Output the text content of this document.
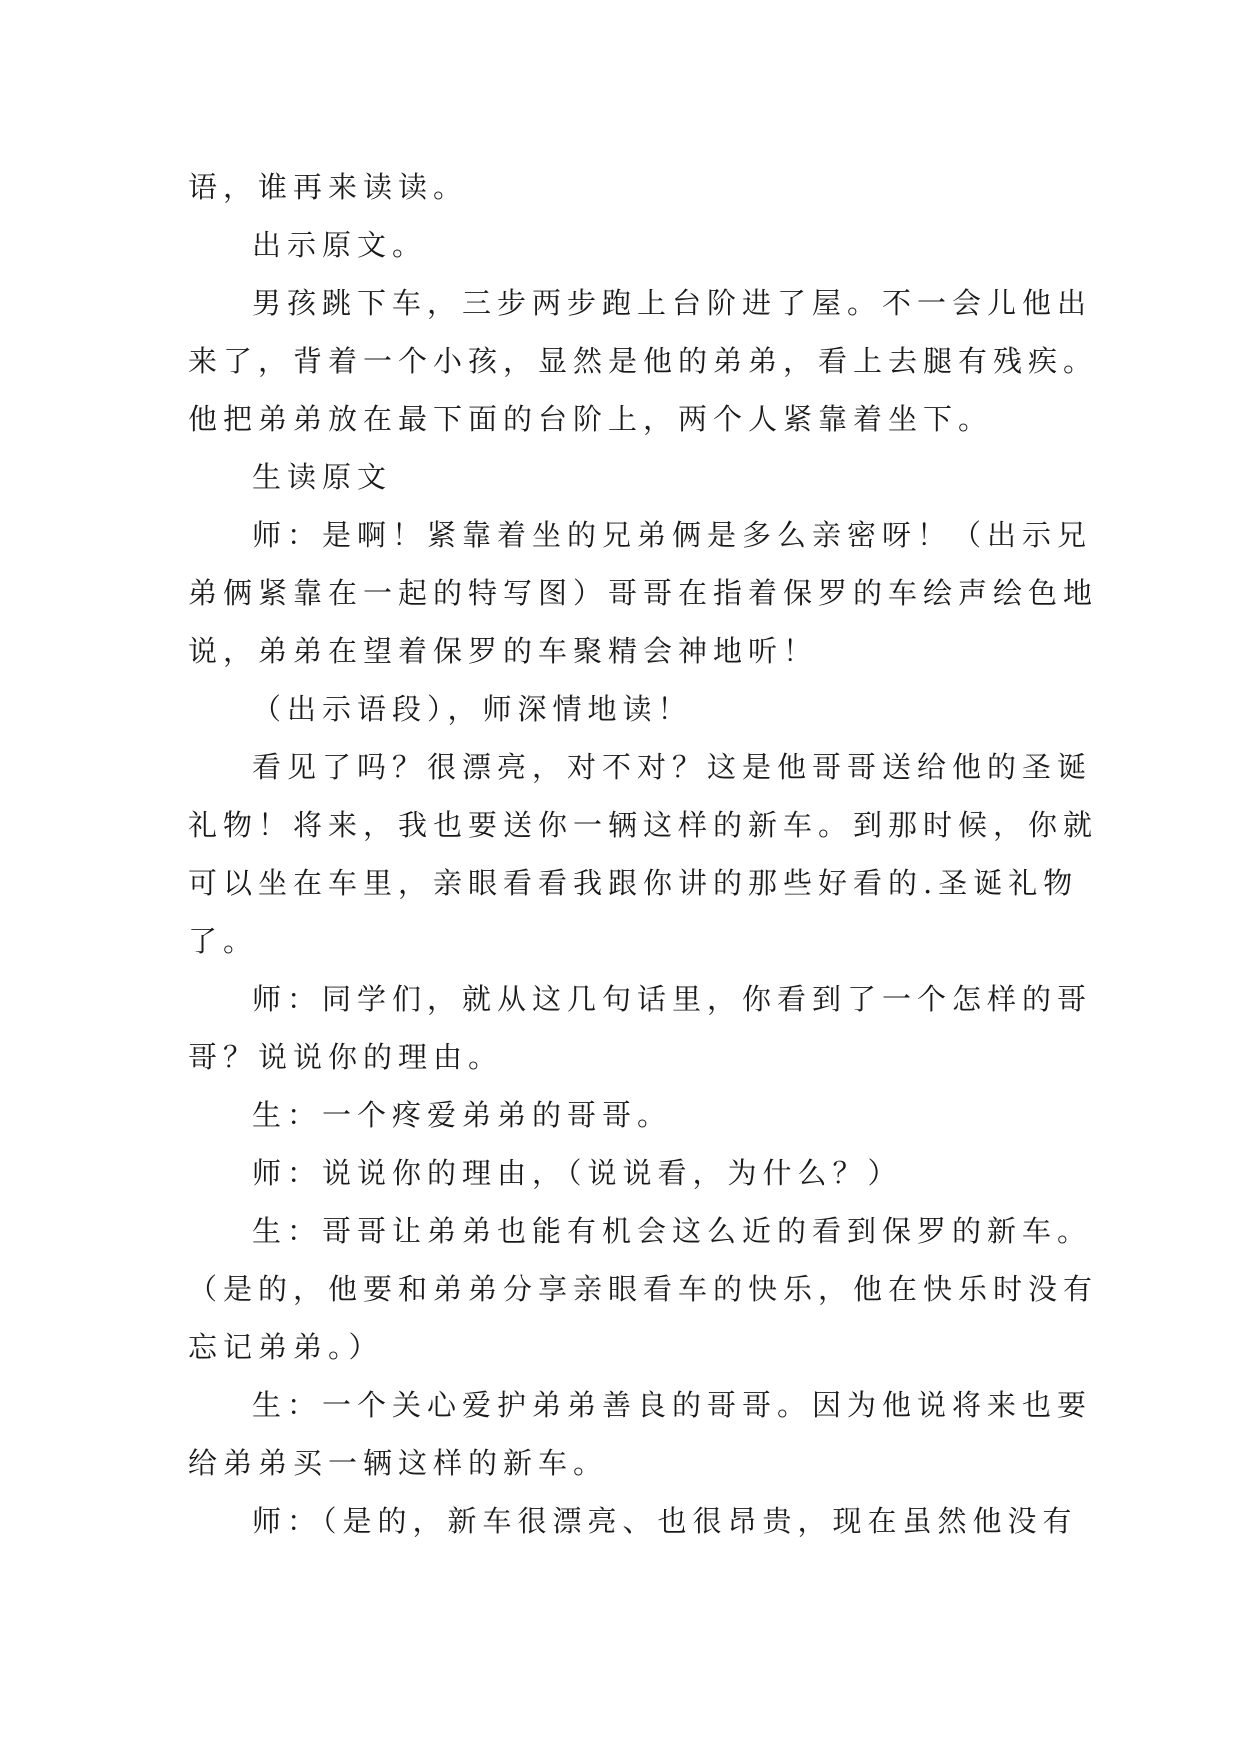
语，谁再来读读。

出示原文。

男孩跳下车，三步两步跑上台阶进了屋。不一会儿他出
来了，背着一个小孩，显然是他的弟弟，看上去腿有残疾。
他把弟弟放在最下面的台阶上，两个人紧靠着坐下。

生读原文

师：是啊！紧靠着坐的兄弟俩是多么亲密呀！（出示兄
弟俩紧靠在一起的特写图）哥哥在指着保罗的车绘声绘色地
说，弟弟在望着保罗的车聚精会神地听！

（出示语段），师深情地读！

看见了吗？很漂亮，对不对？这是他哥哥送给他的圣诞
礼物！将来，我也要送你一辆这样的新车。到那时候，你就
可以坐在车里，亲眼看看我跟你讲的那些好看的.圣诞礼物
了。

师：同学们，就从这几句话里，你看到了一个怎样的哥
哥？说说你的理由。

生：一个疼爱弟弟的哥哥。

师：说说你的理由，（说说看，为什么？）

生：哥哥让弟弟也能有机会这么近的看到保罗的新车。
（是的，他要和弟弟分享亲眼看车的快乐，他在快乐时没有
忘记弟弟。）

生：一个关心爱护弟弟善良的哥哥。因为他说将来也要
给弟弟买一辆这样的新车。

师：（是的，新车很漂亮、也很昂贵，现在虽然他没有
